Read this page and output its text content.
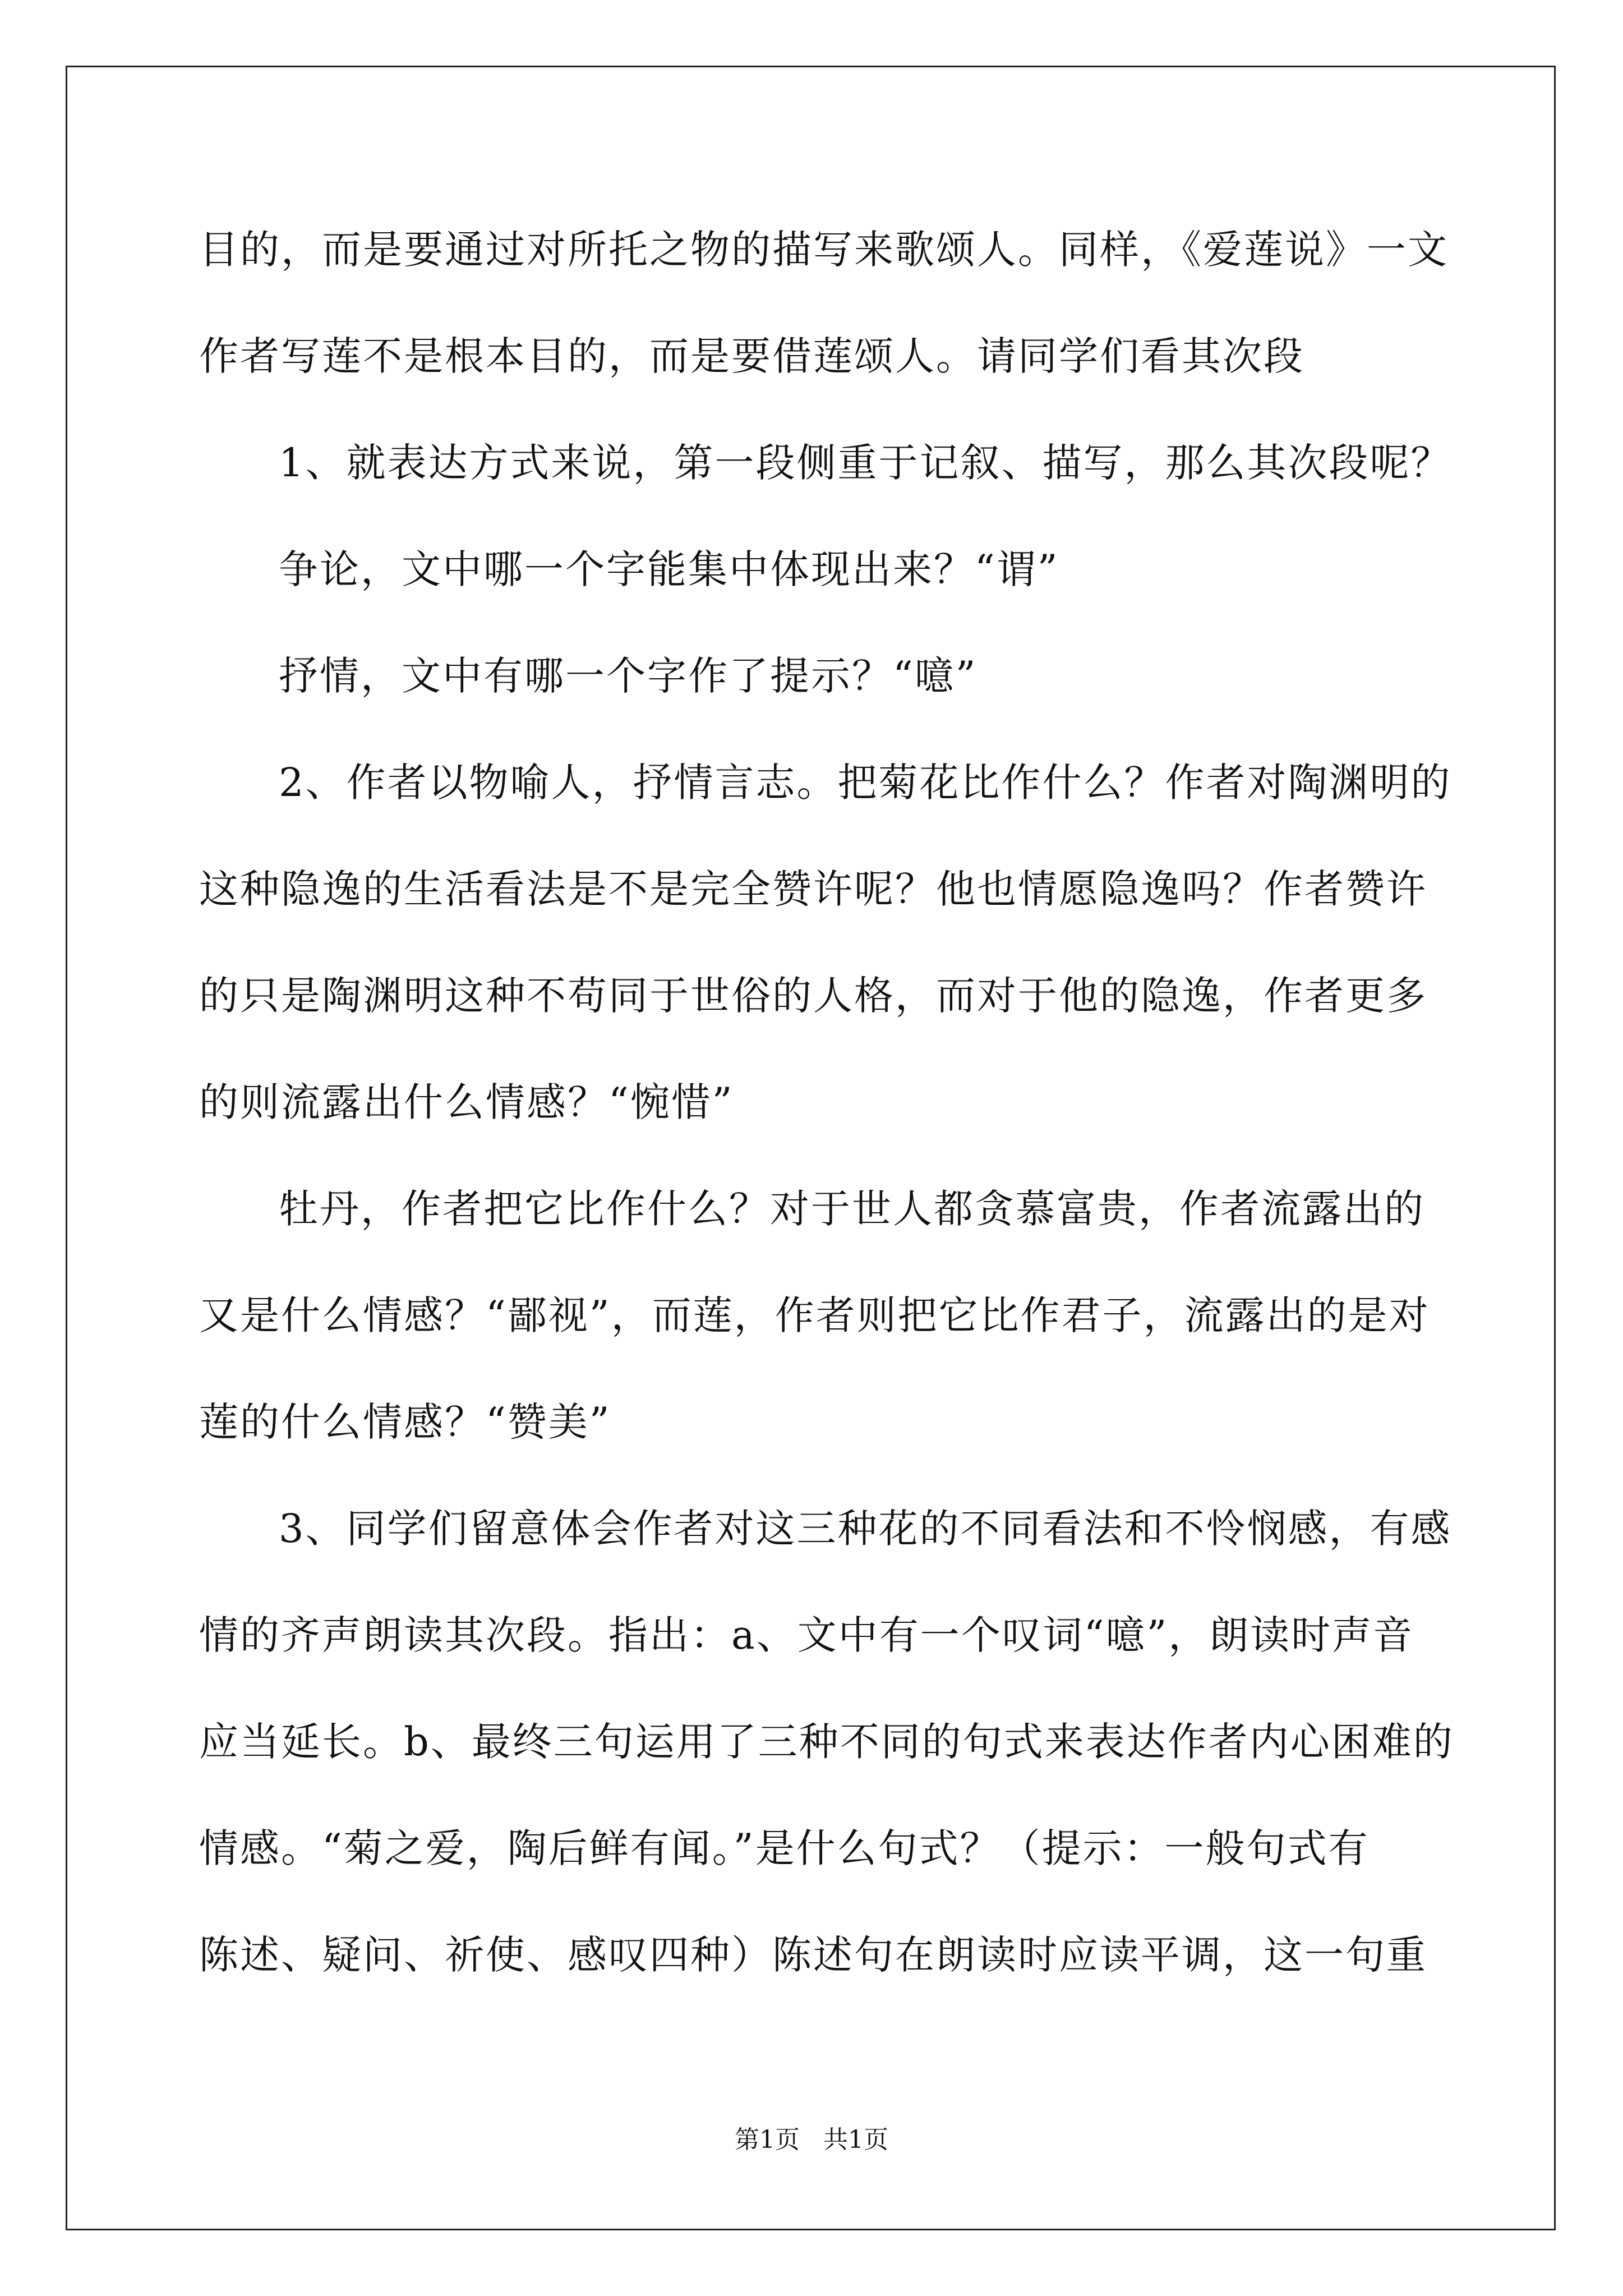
目的，而是要通过对所托之物的描写来歌颂人。同样，《爱莲说》一文
作者写莲不是根本目的，而是要借莲颂人。请同学们看其次段
1、就表达方式来说，第一段侧重于记叙、描写，那么其次段呢？
争论，文中哪一个字能集中体现出来？“谓”
抒情，文中有哪一个字作了提示？“噫”
2、作者以物喻人，抒情言志。把菊花比作什么？作者对陶渊明的
这种隐逸的生活看法是不是完全赞许呢？他也情愿隐逸吗？作者赞许
的只是陶渊明这种不苟同于世俗的人格，而对于他的隐逸，作者更多
的则流露出什么情感？“惋惜”
牡丹，作者把它比作什么？对于世人都贪慕富贵，作者流露出的
又是什么情感？“鄙视”，而莲，作者则把它比作君子，流露出的是对
莲的什么情感？“赞美”
3、同学们留意体会作者对这三种花的不同看法和不怜悯感，有感
情的齐声朗读其次段。指出：a、文中有一个叹词“噫”，朗读时声音
应当延长。b、最终三句运用了三种不同的句式来表达作者内心困难的
情感。“菊之爱，陶后鲜有闻。”是什么句式？（提示：一般句式有
陈述、疑问、祈使、感叹四种）陈述句在朗读时应读平调，这一句重
第1页 共1页
